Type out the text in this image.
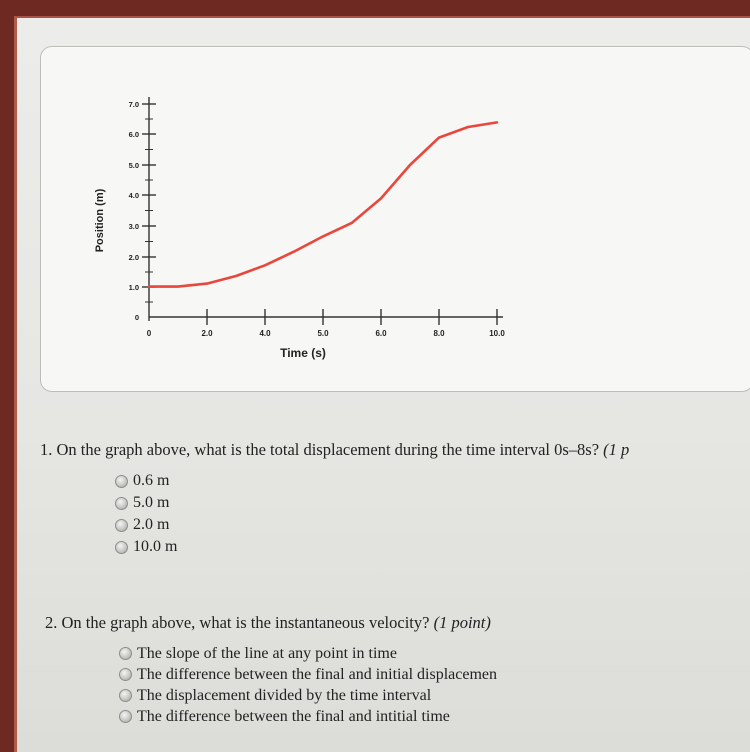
0	2.0	4.0	5.0	6.0	8.0	10.0
0
1.0
2.0
3.0
4.0
5.0
6.0
7.0
Time (s)
Position (m)
1. On the graph above, what is the total displacement during the time interval 0s–8s? (1 p
0.6 m
5.0 m
2.0 m
10.0 m
2. On the graph above, what is the instantaneous velocity? (1 point)
The slope of the line at any point in time
The difference between the final and initial displacemen
The displacement divided by the time interval
The difference between the final and intitial time
